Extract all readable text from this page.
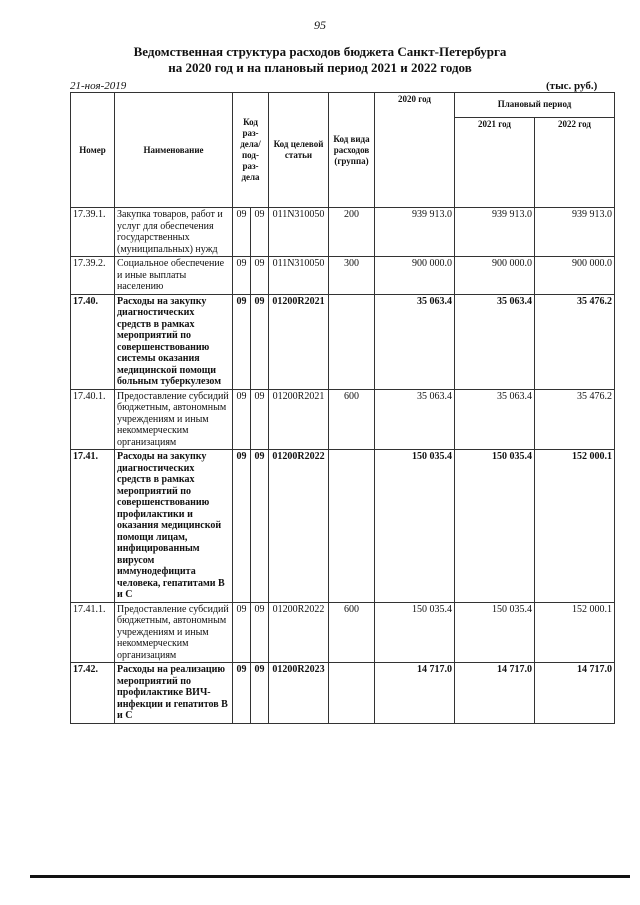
95
Ведомственная структура расходов бюджета Санкт-Петербурга
на 2020 год и на плановый период 2021 и 2022 годов
21-ноя-2019	(тыс. руб.)
Номер	Наименование	Код раз-дела/ под-раз-дела		Код целевой статьи	Код вида расходов (группа)	2020 год	Плановый период	
							2021 год	2022 год
17.39.1.	Закупка товаров, работ и услуг для обеспечения государственных (муниципальных) нужд	09	09	011N310050	200	939 913.0	939 913.0	939 913.0
17.39.2.	Социальное обеспечение и иные выплаты населению	09	09	011N310050	300	900 000.0	900 000.0	900 000.0
17.40.	Расходы на закупку диагностических средств в рамках мероприятий по совершенствованию системы оказания медицинской помощи больным туберкулезом	09	09	01200R2021		35 063.4	35 063.4	35 476.2
17.40.1.	Предоставление субсидий бюджетным, автономным учреждениям и иным некоммерческим организациям	09	09	01200R2021	600	35 063.4	35 063.4	35 476.2
17.41.	Расходы на закупку диагностических средств в рамках мероприятий по совершенствованию профилактики и оказания медицинской помощи лицам, инфицированным вирусом иммунодефицита человека, гепатитами В и С	09	09	01200R2022		150 035.4	150 035.4	152 000.1
17.41.1.	Предоставление субсидий бюджетным, автономным учреждениям и иным некоммерческим организациям	09	09	01200R2022	600	150 035.4	150 035.4	152 000.1
17.42.	Расходы на реализацию мероприятий по профилактике ВИЧ-инфекции и гепатитов В и С	09	09	01200R2023		14 717.0	14 717.0	14 717.0
